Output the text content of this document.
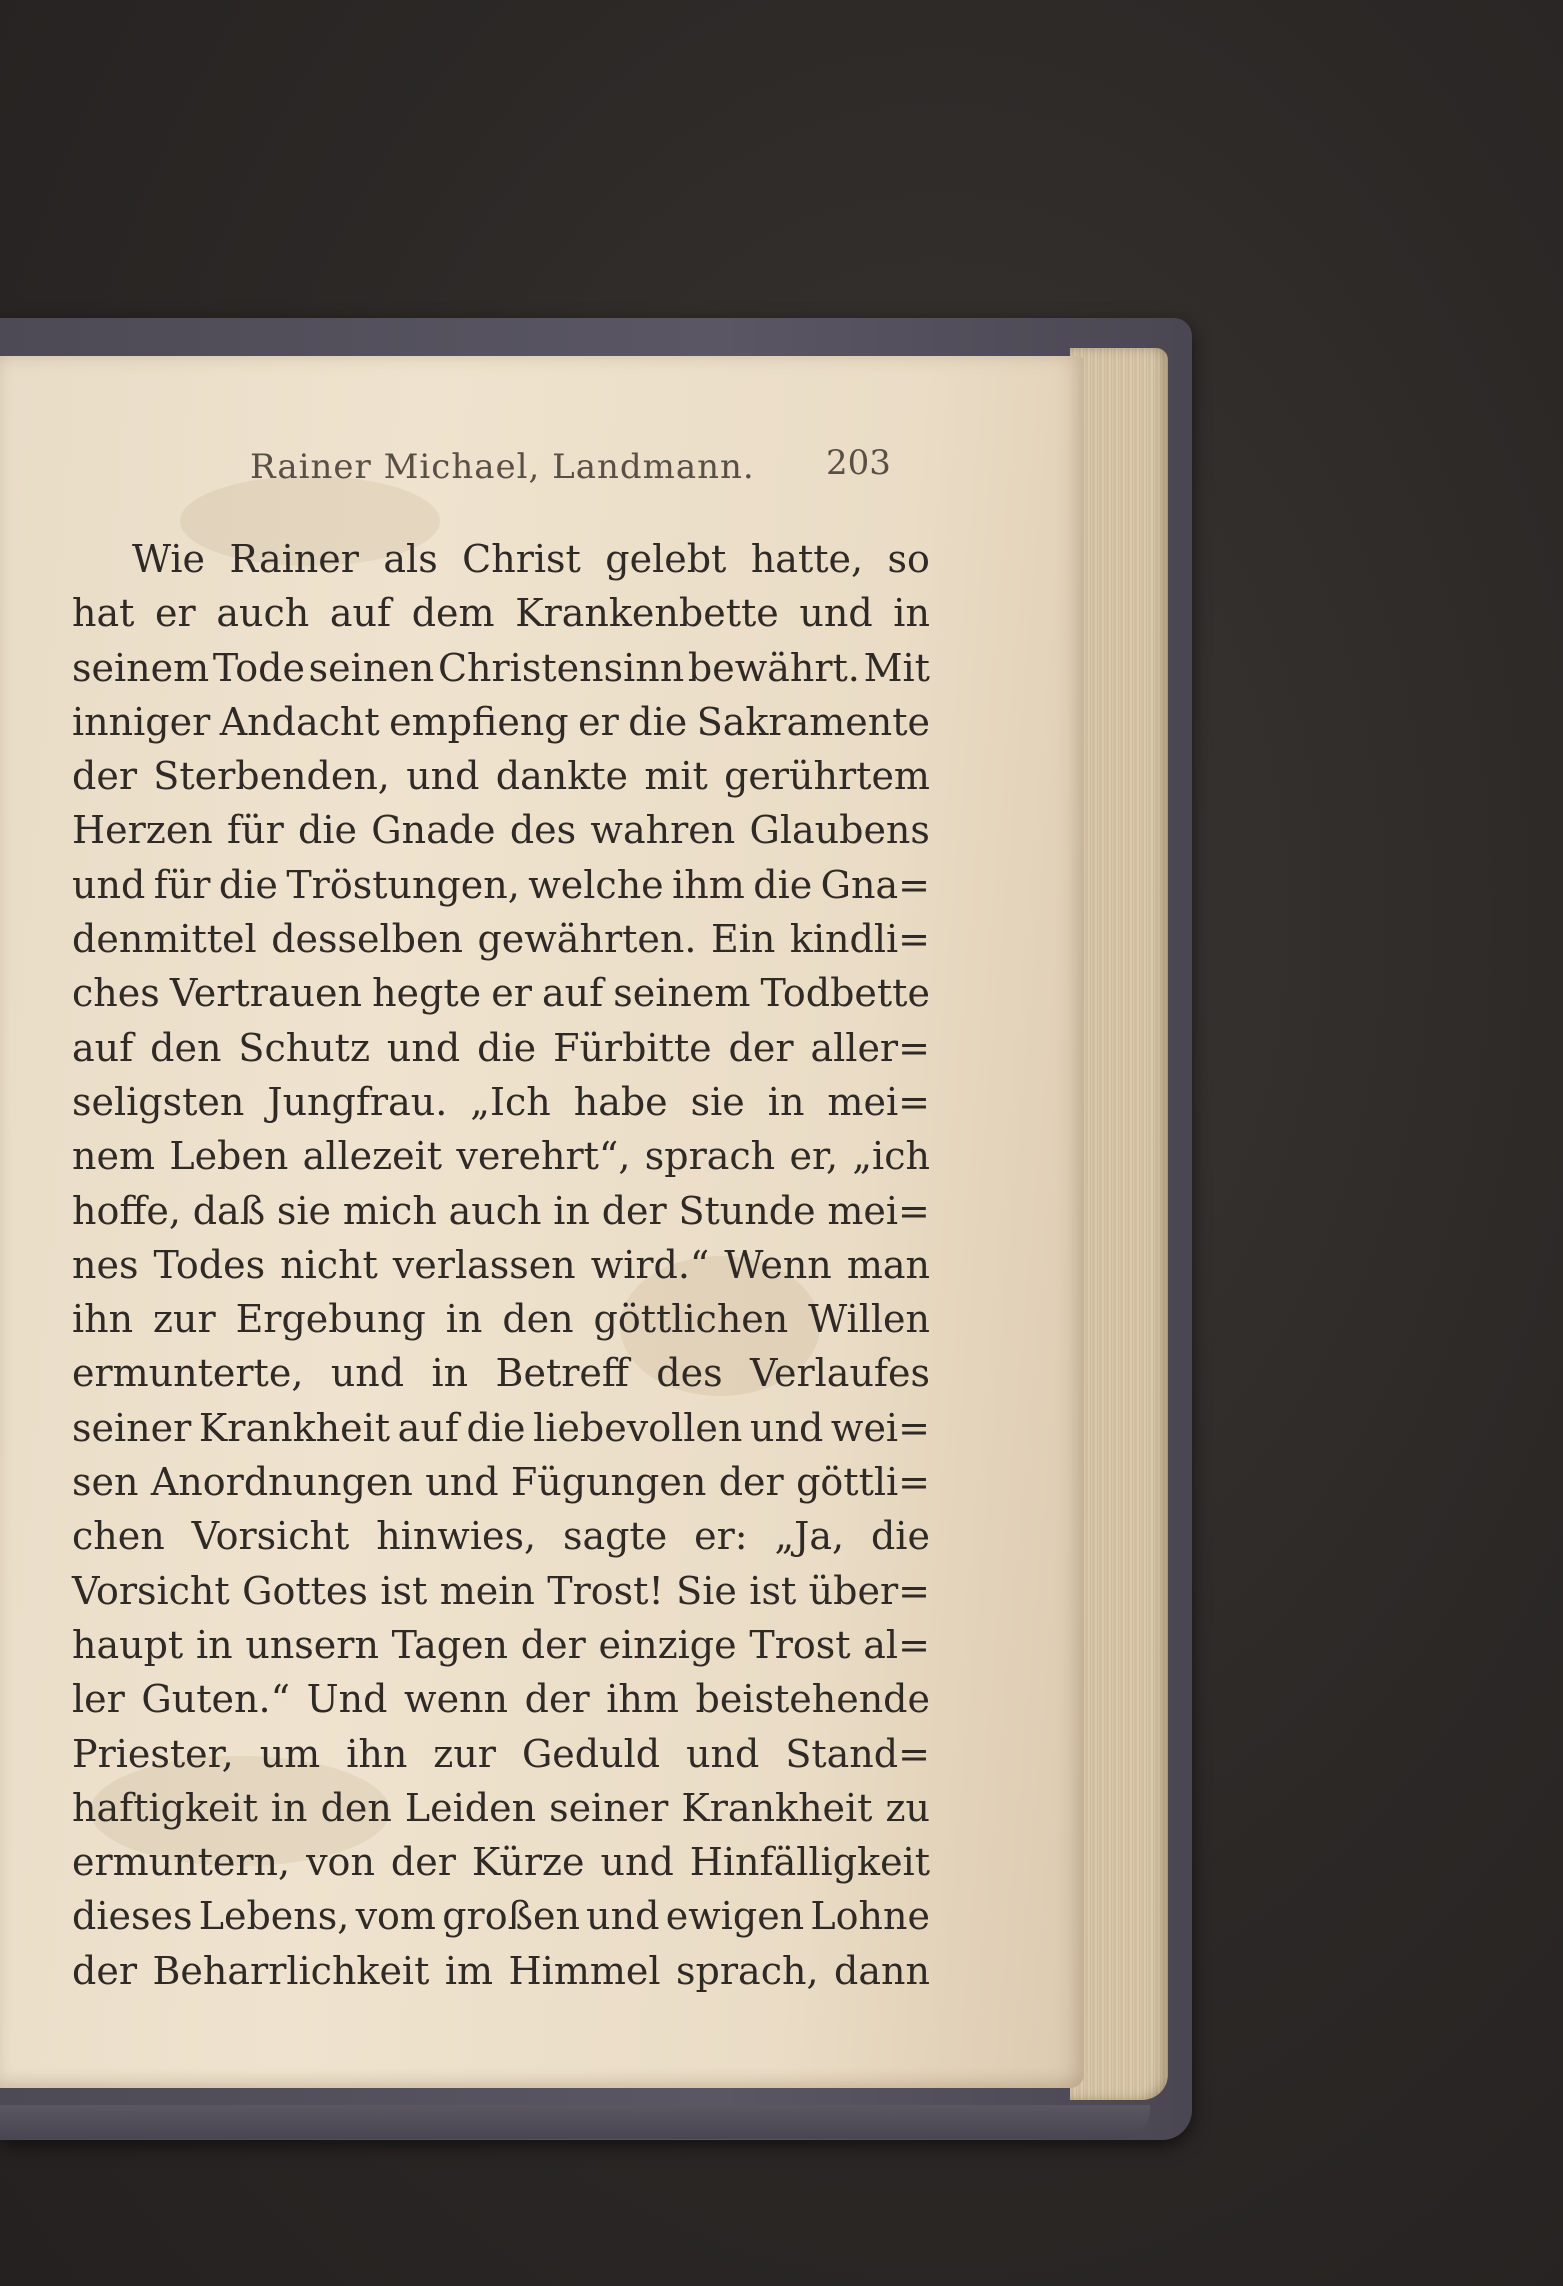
Rainer Michael, Landmann.	203
Wie Rainer als Christ gelebt hatte, so
hat er auch auf dem Krankenbette und in
seinem Tode seinen Christensinn bewährt. Mit
inniger Andacht empfieng er die Sakramente
der Sterbenden, und dankte mit gerührtem
Herzen für die Gnade des wahren Glaubens
und für die Tröstungen, welche ihm die Gna=
denmittel desselben gewährten. Ein kindli=
ches Vertrauen hegte er auf seinem Todbette
auf den Schutz und die Fürbitte der aller=
seligsten Jungfrau. „Ich habe sie in mei=
nem Leben allezeit verehrt“, sprach er, „ich
hoffe, daß sie mich auch in der Stunde mei=
nes Todes nicht verlassen wird.“ Wenn man
ihn zur Ergebung in den göttlichen Willen
ermunterte, und in Betreff des Verlaufes
seiner Krankheit auf die liebevollen und wei=
sen Anordnungen und Fügungen der göttli=
chen Vorsicht hinwies, sagte er: „Ja, die
Vorsicht Gottes ist mein Trost! Sie ist über=
haupt in unsern Tagen der einzige Trost al=
ler Guten.“ Und wenn der ihm beistehende
Priester, um ihn zur Geduld und Stand=
haftigkeit in den Leiden seiner Krankheit zu
ermuntern, von der Kürze und Hinfälligkeit
dieses Lebens, vom großen und ewigen Lohne
der Beharrlichkeit im Himmel sprach, dann
